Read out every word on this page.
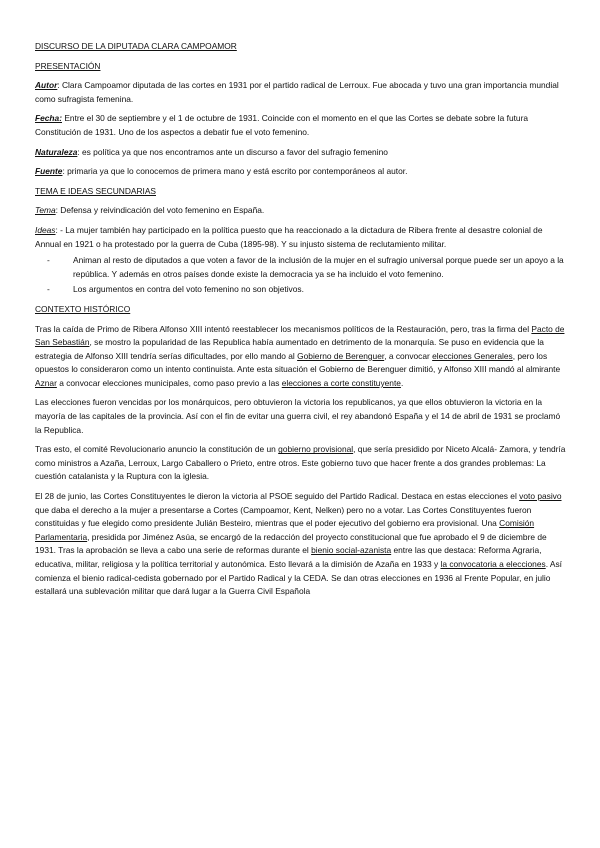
DISCURSO DE LA DIPUTADA CLARA CAMPOAMOR

PRESENTACIÓN

Autor: Clara Campoamor diputada de las cortes en 1931 por el partido radical de Lerroux. Fue abocada y tuvo una gran importancia mundial como sufragista femenina.

Fecha: Entre el 30 de septiembre y el 1 de octubre de 1931. Coincide con el momento en el que las Cortes se debate sobre la futura Constitución de 1931. Uno de los aspectos a debatir fue el voto femenino.

Naturaleza: es política ya que nos encontramos ante un discurso a favor del sufragio femenino

Fuente: primaria ya que lo conocemos de primera mano y está escrito por contemporáneos al autor.

TEMA E IDEAS SECUNDARIAS

Tema: Defensa y reivindicación del voto femenino en España.

Ideas: - La mujer también hay participado en la política puesto que ha reaccionado a la dictadura de Ribera frente al desastre colonial de Annual en 1921 o ha protestado por la guerra de Cuba (1895-98). Y su injusto sistema de reclutamiento militar.

- Animan al resto de diputados a que voten a favor de la inclusión de la mujer en el sufragio universal porque puede ser un apoyo a la república. Y además en otros países donde existe la democracia ya se ha incluido el voto femenino.
- Los argumentos en contra del voto femenino no son objetivos.

CONTEXTO HISTÓRICO

Tras la caída de Primo de Ribera Alfonso XIII intentó reestablecer los mecanismos políticos de la Restauración, pero, tras la firma del Pacto de San Sebastián, se mostro la popularidad de las Republica había aumentado en detrimento de la monarquía. Se puso en evidencia que la estrategia de Alfonso XIII tendría serías dificultades, por ello mando al Gobierno de Berenguer, a convocar elecciones Generales, pero los opuestos lo consideraron como un intento continuista. Ante esta situación el Gobierno de Berenguer dimitió, y Alfonso XIII mandó al almirante Aznar a convocar elecciones municipales, como paso previo a las elecciones a corte constituyente.

Las elecciones fueron vencidas por los monárquicos, pero obtuvieron la victoria los republicanos, ya que ellos obtuvieron la victoria en la mayoría de las capitales de la provincia. Así con el fin de evitar una guerra civil, el rey abandonó España y el 14 de abril de 1931 se proclamó la Republica.

Tras esto, el comité Revolucionario anuncio la constitución de un gobierno provisional, que sería presidido por Niceto Alcalá- Zamora, y tendría como ministros a Azaña, Lerroux, Largo Caballero o Prieto, entre otros. Este gobierno tuvo que hacer frente a dos grandes problemas: La cuestión catalanista y la Ruptura con la iglesia.

El 28 de junio, las Cortes Constituyentes le dieron la victoria al PSOE seguido del Partido Radical. Destaca en estas elecciones el voto pasivo que daba el derecho a la mujer a presentarse a Cortes (Campoamor, Kent, Nelken) pero no a votar. Las Cortes Constituyentes fueron constituidas y fue elegido como presidente Julián Besteiro, mientras que el poder ejecutivo del gobierno era provisional. Una Comisión Parlamentaria, presidida por Jiménez Asúa, se encargó de la redacción del proyecto constitucional que fue aprobado el 9 de diciembre de 1931. Tras la aprobación se lleva a cabo una serie de reformas durante el bienio social-azanista entre las que destaca: Reforma Agraria, educativa, militar, religiosa y la política territorial y autonómica. Esto llevará a la dimisión de Azaña en 1933 y la convocatoria a elecciones. Así comienza el bienio radical-cedista gobernado por el Partido Radical y la CEDA. Se dan otras elecciones en 1936 al Frente Popular, en julio estallará una sublevación militar que dará lugar a la Guerra Civil Española
